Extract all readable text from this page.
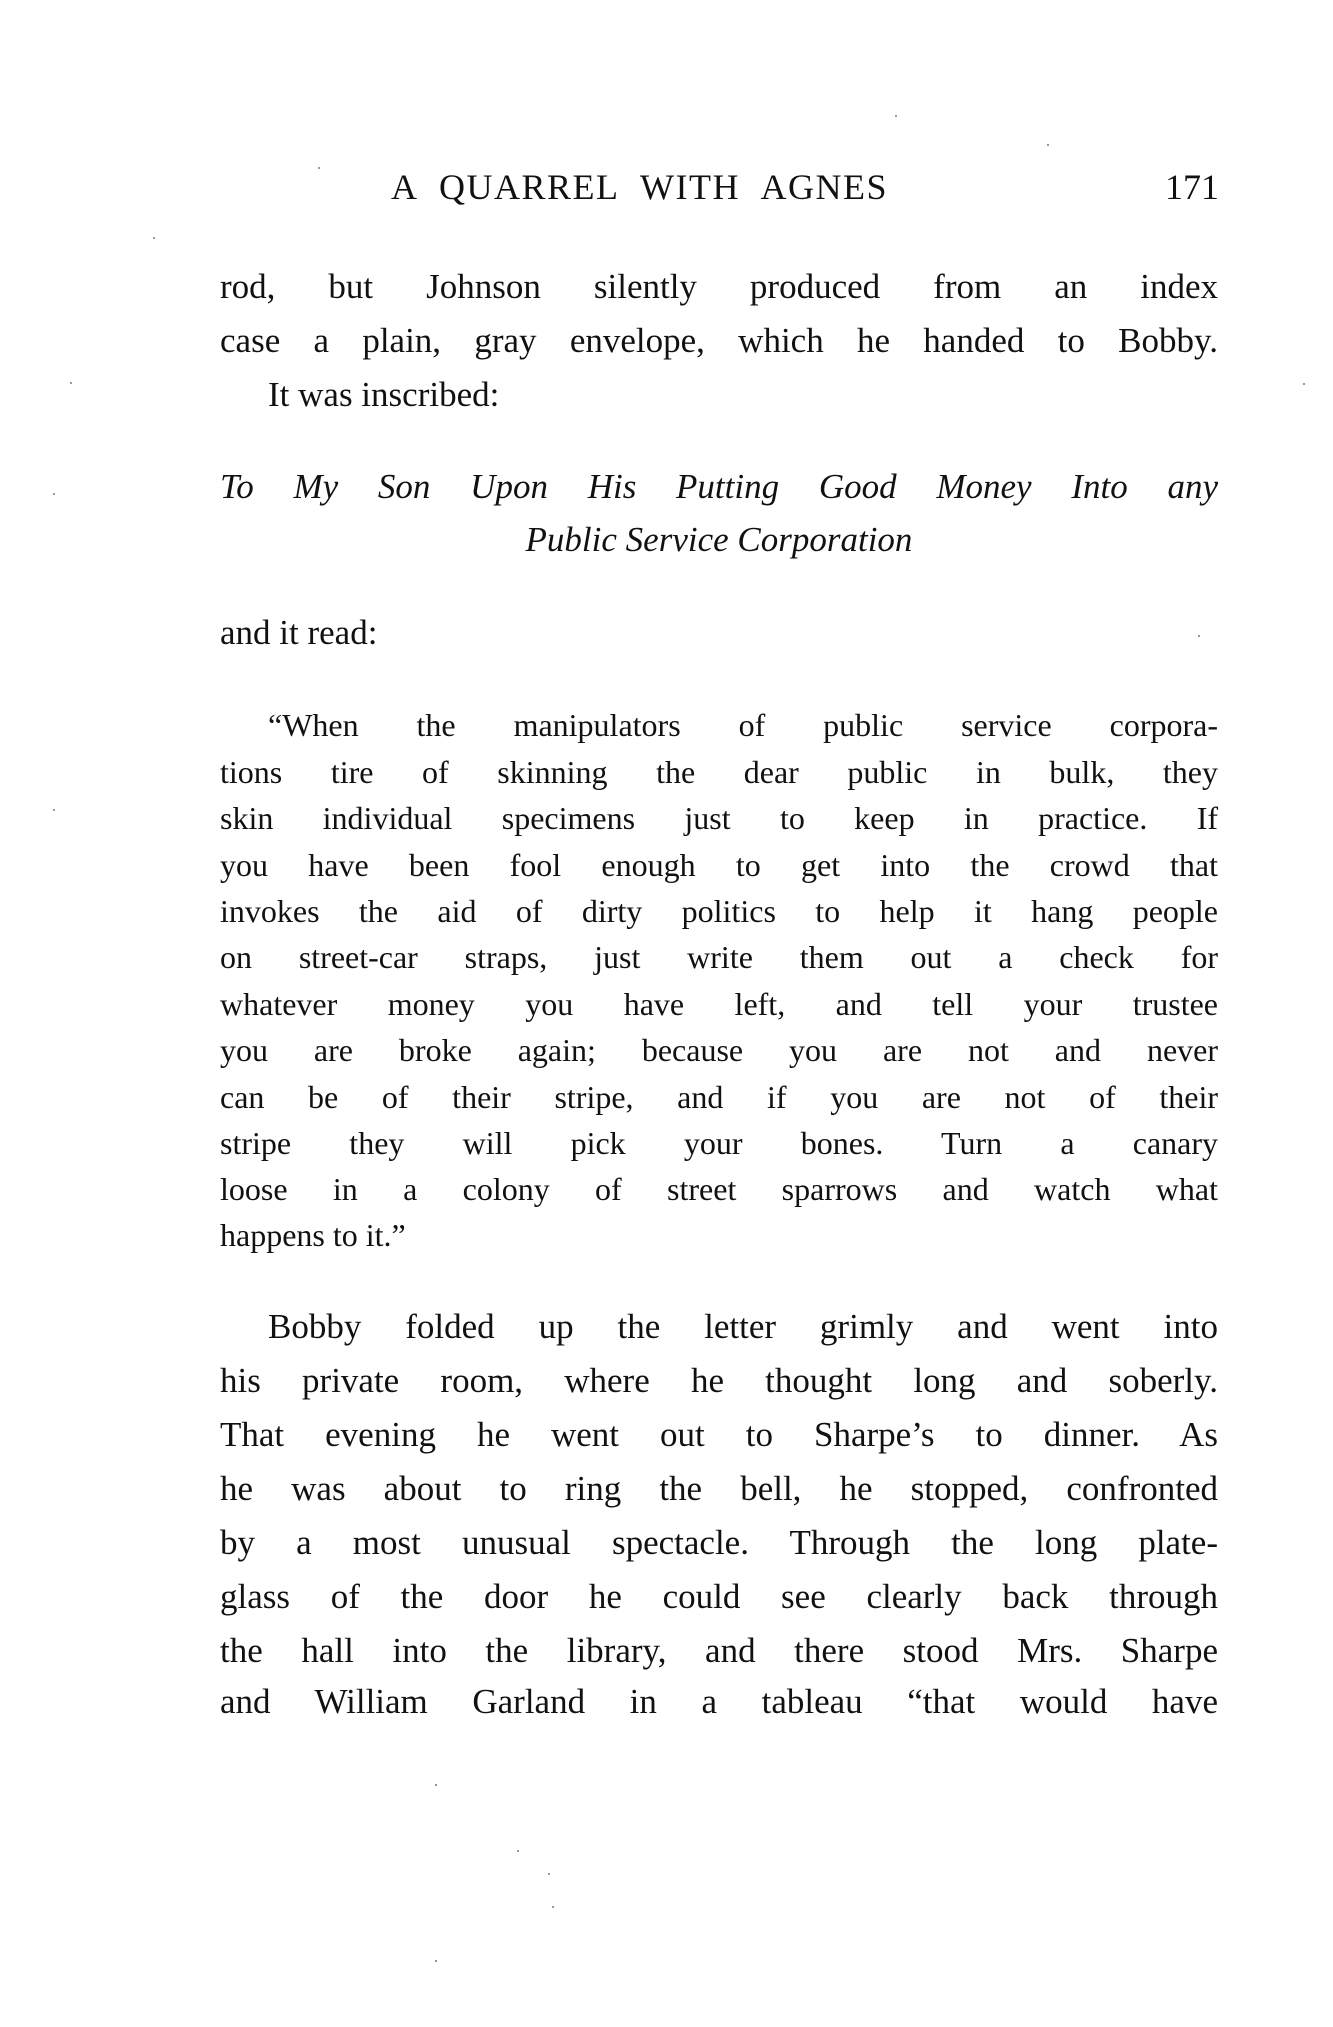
A QUARREL WITH AGNES	171
rod, but Johnson silently produced from an index
case a plain, gray envelope, which he handed to Bobby.
It was inscribed:
To My Son Upon His Putting Good Money Into any
Public Service Corporation
and it read:
“When the manipulators of public service corpora-
tions tire of skinning the dear public in bulk, they
skin individual specimens just to keep in practice. If
you have been fool enough to get into the crowd that
invokes the aid of dirty politics to help it hang people
on street-car straps, just write them out a check for
whatever money you have left, and tell your trustee
you are broke again; because you are not and never
can be of their stripe, and if you are not of their
stripe they will pick your bones. Turn a canary
loose in a colony of street sparrows and watch what
happens to it.”
Bobby folded up the letter grimly and went into
his private room, where he thought long and soberly.
That evening he went out to Sharpe’s to dinner. As
he was about to ring the bell, he stopped, confronted
by a most unusual spectacle. Through the long plate-
glass of the door he could see clearly back through
the hall into the library, and there stood Mrs. Sharpe
and William Garland in a tableau “that would have
